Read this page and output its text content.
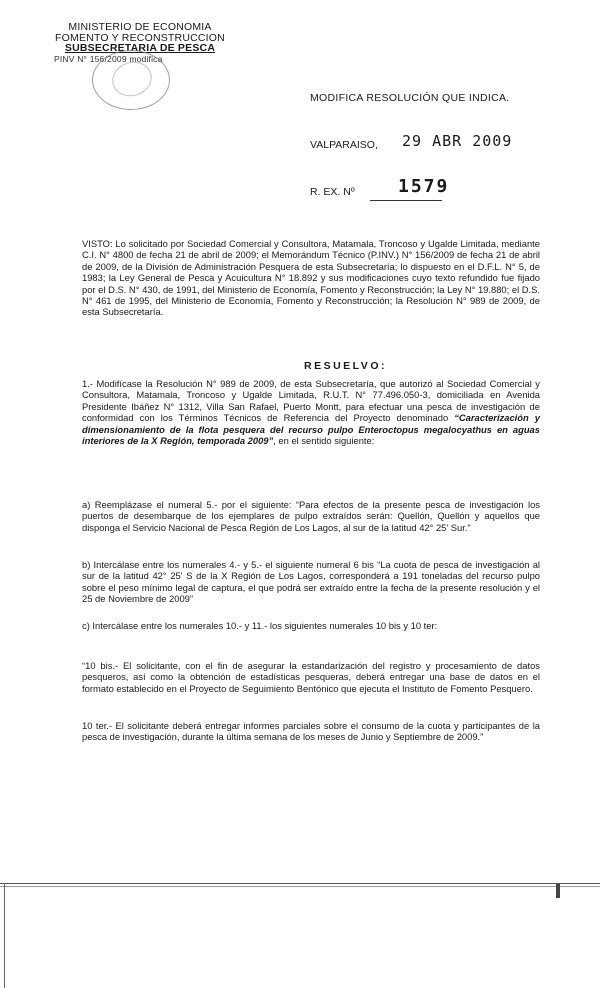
MINISTERIO DE ECONOMIA
FOMENTO Y RECONSTRUCCION
SUBSECRETARIA DE PESCA
PINV N° 156/2009 modifica
MODIFICA RESOLUCIÓN QUE INDICA.
VALPARAISO, 29 ABR 2009
R. EX. Nº 1579
VISTO: Lo solicitado por Sociedad Comercial y Consultora, Matamala, Troncoso y Ugalde Limitada, mediante C.I. N° 4800 de fecha 21 de abril de 2009; el Memorándum Técnico (P.INV.) N° 156/2009 de fecha 21 de abril de 2009, de la División de Administración Pesquera de esta Subsecretaría; lo dispuesto en el D.F.L. N° 5, de 1983; la Ley General de Pesca y Acuicultura N° 18.892 y sus modificaciones cuyo texto refundido fue fijado por el D.S. N° 430, de 1991, del Ministerio de Economía, Fomento y Reconstrucción; la Ley N° 19.880; el D.S. N° 461 de 1995, del Ministerio de Economía, Fomento y Reconstrucción; la Resolución N° 989 de 2009, de esta Subsecretaría.
RESUELVO:
1.- Modifícase la Resolución N° 989 de 2009, de esta Subsecretaría, que autorizó al Sociedad Comercial y Consultora, Matamala, Troncoso y Ugalde Limitada, R.U.T. N° 77.496.050-3, domiciliada en Avenida Presidente Ibáñez N° 1312, Villa San Rafael, Puerto Montt, para efectuar una pesca de investigación de conformidad con los Términos Técnicos de Referencia del Proyecto denominado “Caracterización y dimensionamiento de la flota pesquera del recurso pulpo Enteroctopus megalocyathus en aguas interiores de la X Región, temporada 2009”, en el sentido siguiente:
a) Reemplázase el numeral 5.- por el siguiente: “Para efectos de la presente pesca de investigación los puertos de desembarque de los ejemplares de pulpo extraídos serán: Quellón, Quellón y aquellos que disponga el Servicio Nacional de Pesca Región de Los Lagos, al sur de la latitud 42° 25' Sur.”
b) Intercálase entre los numerales 4.- y 5.- el siguiente numeral 6 bis “La cuota de pesca de investigación al sur de la latitud 42° 25' S de la X Región de Los Lagos, corresponderá a 191 toneladas del recurso pulpo sobre el peso mínimo legal de captura, el que podrá ser extraído entre la fecha de la presente resolución y el 25 de Noviembre de 2009”
c) Intercálase entre los numerales 10.- y 11.- los siguientes numerales 10 bis y 10 ter:
“10 bis.- El solicitante, con el fin de asegurar la estandarización del registro y procesamiento de datos pesqueros, así como la obtención de estadísticas pesqueras, deberá entregar una base de datos en el formato establecido en el Proyecto de Seguimiento Bentónico que ejecuta el Instituto de Fomento Pesquero.
10 ter.- El solicitante deberá entregar informes parciales sobre el consumo de la cuota y participantes de la pesca de investigación, durante la última semana de los meses de Junio y Septiembre de 2009.”
